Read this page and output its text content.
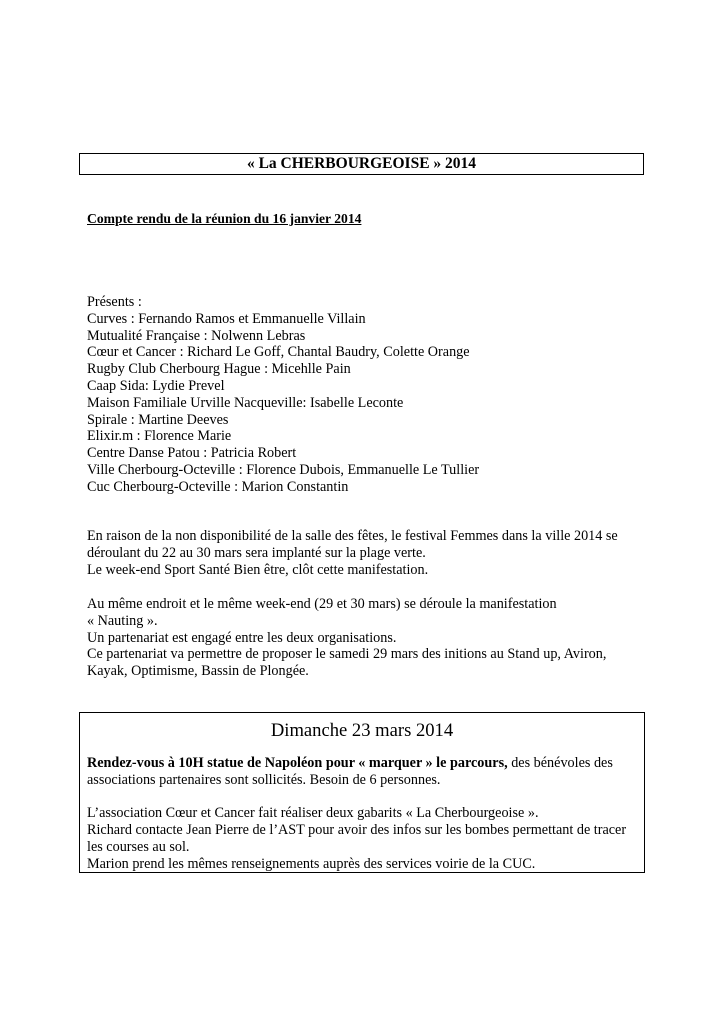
« La CHERBOURGEOISE » 2014
Compte rendu de la réunion du 16 janvier 2014

Présents :

Curves : Fernando Ramos et Emmanuelle Villain

Mutualité Française : Nolwenn Lebras

Cœur et Cancer : Richard Le Goff, Chantal Baudry, Colette Orange

Rugby Club Cherbourg Hague : Micehlle Pain

Caap Sida: Lydie Prevel

Maison Familiale Urville Nacqueville: Isabelle Leconte

Spirale : Martine Deeves

Elixir.m : Florence Marie

Centre Danse Patou : Patricia Robert

Ville Cherbourg-Octeville : Florence Dubois, Emmanuelle Le Tullier

Cuc Cherbourg-Octeville : Marion Constantin

En raison de la non disponibilité de la salle des fêtes, le festival Femmes dans la ville 2014 se

déroulant du 22 au 30 mars sera implanté sur la plage verte.

Le week-end Sport Santé Bien être, clôt cette manifestation.

Au même endroit et le même week-end (29 et 30 mars) se déroule la manifestation

« Nauting ».

Un partenariat est engagé entre les deux organisations.

Ce partenariat va permettre de proposer le samedi 29 mars des initions au Stand up, Aviron,

Kayak, Optimisme, Bassin de Plongée.

Dimanche 23 mars 2014

Rendez-vous à 10H statue de Napoléon pour « marquer » le parcours, des bénévoles des associations partenaires sont sollicités. Besoin de 6 personnes.

L’association Cœur et Cancer fait réaliser deux gabarits « La Cherbourgeoise ».

Richard contacte Jean Pierre de l’AST pour avoir des infos sur les bombes permettant de tracer les courses au sol.

Marion prend les mêmes renseignements auprès des services voirie de la CUC.
